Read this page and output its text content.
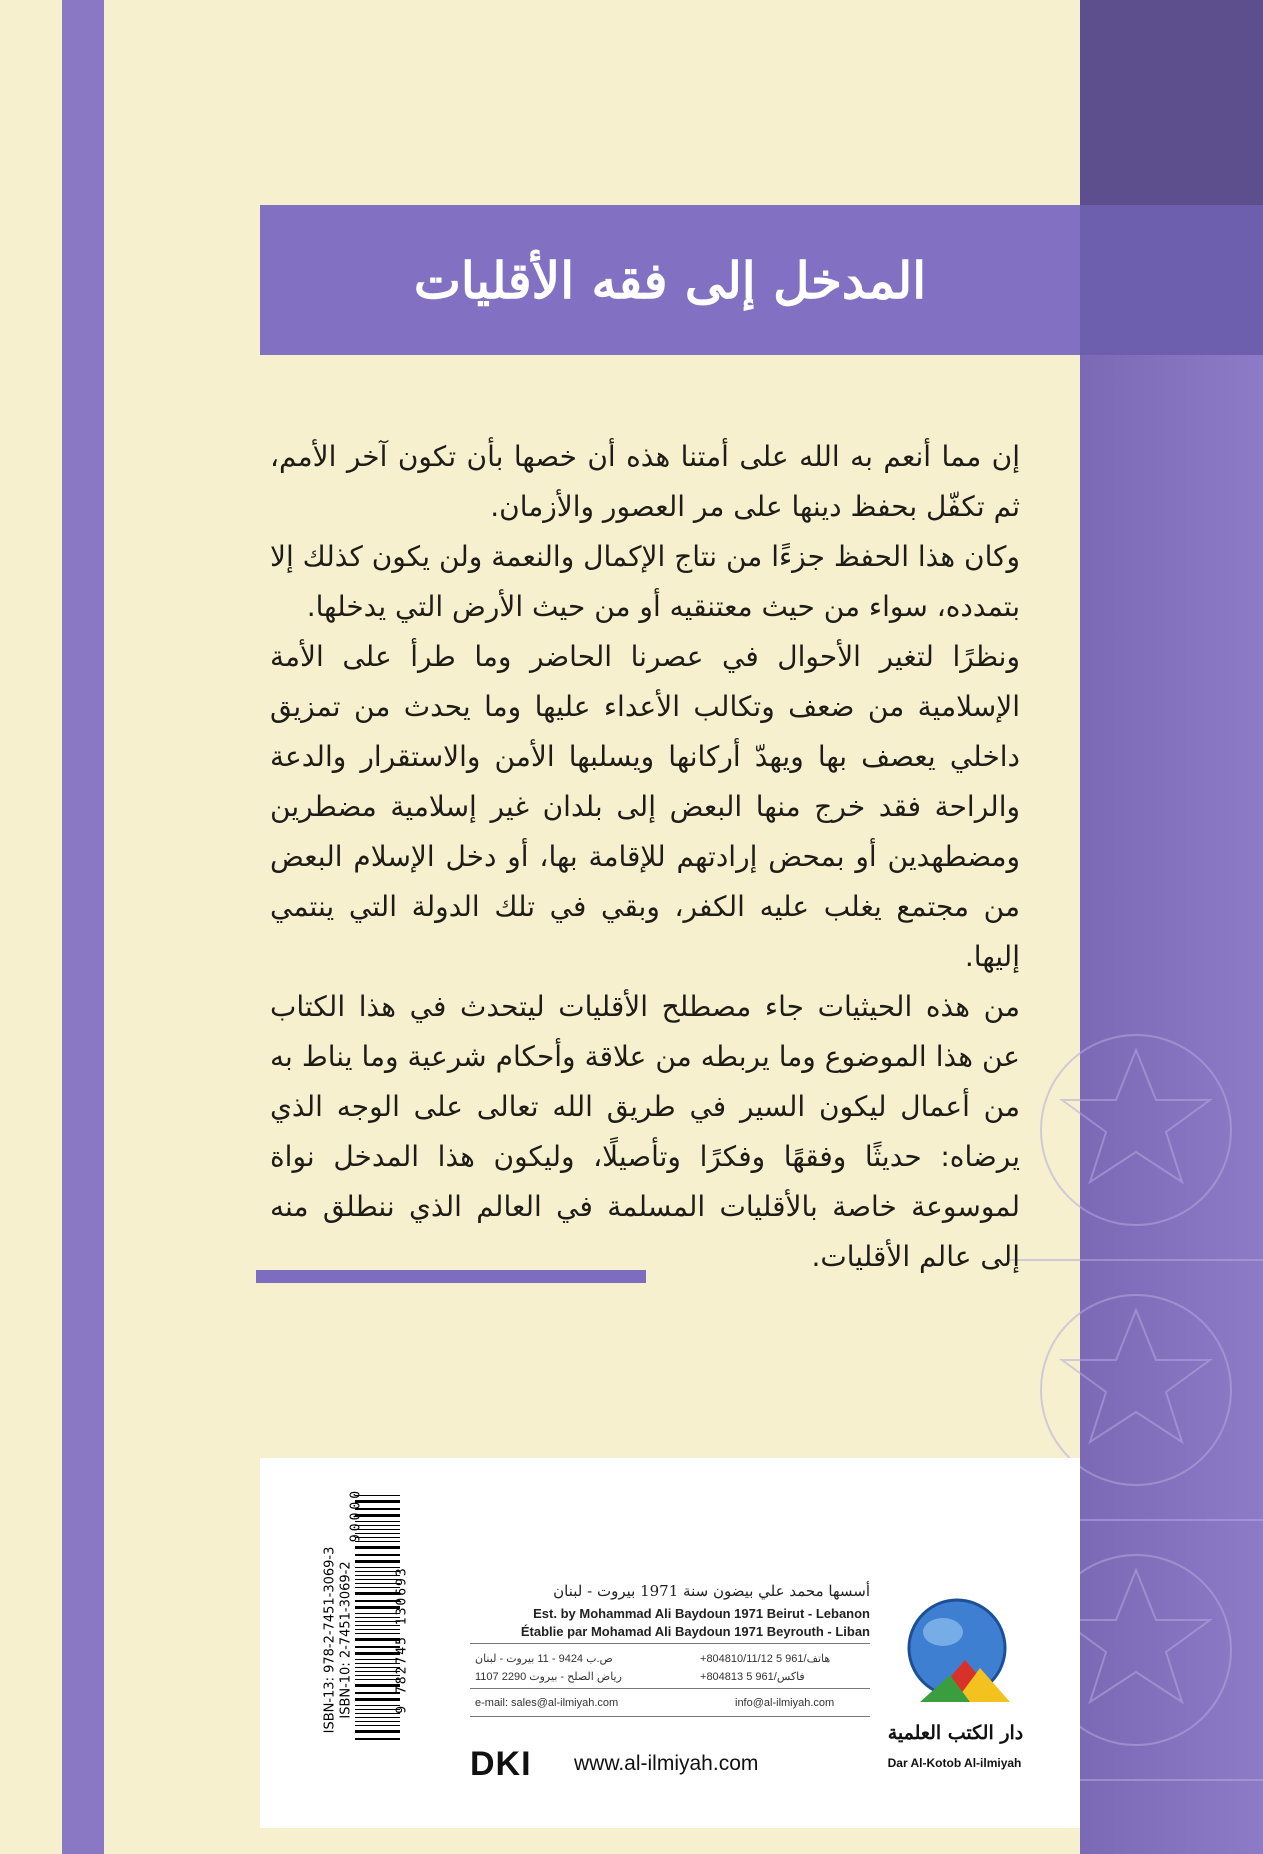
المدخل إلى فقه الأقليات

إن مما أنعم به الله على أمتنا هذه أن خصها بأن تكون آخر الأمم، ثم تكفّل بحفظ دينها على مر العصور والأزمان.

وكان هذا الحفظ جزءًا من نتاج الإكمال والنعمة ولن يكون كذلك إلا بتمدده، سواء من حيث معتنقيه أو من حيث الأرض التي يدخلها.

ونظرًا لتغير الأحوال في عصرنا الحاضر وما طرأ على الأمة الإسلامية من ضعف وتكالب الأعداء عليها وما يحدث من تمزيق داخلي يعصف بها ويهدّ أركانها ويسلبها الأمن والاستقرار والدعة والراحة فقد خرج منها البعض إلى بلدان غير إسلامية مضطرين ومضطهدين أو بمحض إرادتهم للإقامة بها، أو دخل الإسلام البعض من مجتمع يغلب عليه الكفر، وبقي في تلك الدولة التي ينتمي إليها.

من هذه الحيثيات جاء مصطلح الأقليات ليتحدث في هذا الكتاب عن هذا الموضوع وما يربطه من علاقة وأحكام شرعية وما يناط به من أعمال ليكون السير في طريق الله تعالى على الوجه الذي يرضاه: حديثًا وفقهًا وفكرًا وتأصيلًا، وليكون هذا المدخل نواة لموسوعة خاصة بالأقليات المسلمة في العالم الذي ننطلق منه إلى عالم الأقليات.

ISBN-13: 978-2-7451-3069-3 ISBN-10: 2-7451-3069-2	9 782745 130693
90000
أسسها محمد علي بيضون سنة 1971 بيروت - لبنان
Est. by Mohammad Ali Baydoun 1971 Beirut - Lebanon
Établie par Mohamad Ali Baydoun 1971 Beyrouth - Liban
هاتف/961 5 804810/11/12+
فاكس/961 5 804813+
ص.ب 9424 - 11 بيروت - لبنان
رياض الصلح - بيروت 2290 1107
e-mail: sales@al-ilmiyah.com	info@al-ilmiyah.com
DKI www.al-ilmiyah.com
دار الكتب العلمية
Dar Al-Kotob Al-ilmiyah
